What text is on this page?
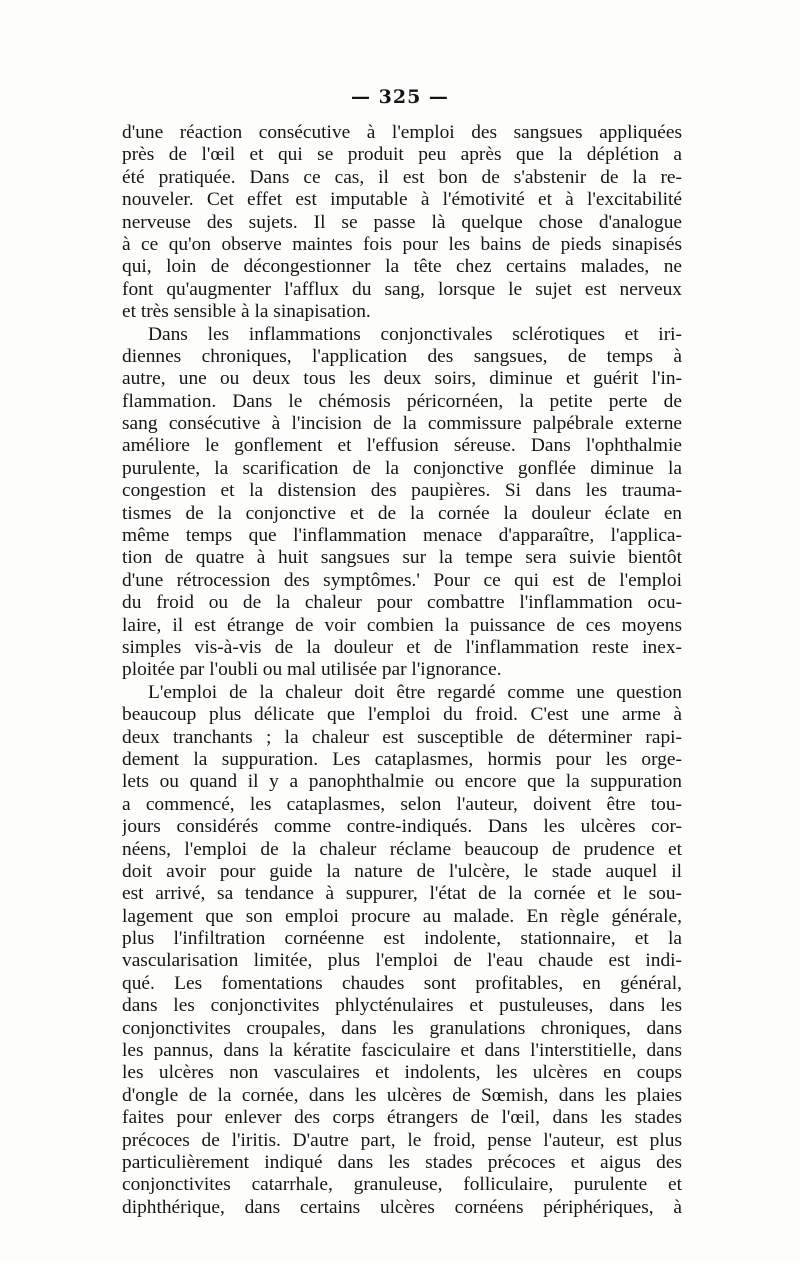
— 325 —
d'une réaction consécutive à l'emploi des sangsues appliquées
près de l'œil et qui se produit peu après que la déplétion a
été pratiquée. Dans ce cas, il est bon de s'abstenir de la re-
nouveler. Cet effet est imputable à l'émotivité et à l'excitabilité
nerveuse des sujets. Il se passe là quelque chose d'analogue
à ce qu'on observe maintes fois pour les bains de pieds sinapisés
qui, loin de décongestionner la tête chez certains malades, ne
font qu'augmenter l'afflux du sang, lorsque le sujet est nerveux
et très sensible à la sinapisation.
Dans les inflammations conjonctivales sclérotiques et iri-
diennes chroniques, l'application des sangsues, de temps à
autre, une ou deux tous les deux soirs, diminue et guérit l'in-
flammation. Dans le chémosis péricornéen, la petite perte de
sang consécutive à l'incision de la commissure palpébrale externe
améliore le gonflement et l'effusion séreuse. Dans l'ophthalmie
purulente, la scarification de la conjonctive gonflée diminue la
congestion et la distension des paupières. Si dans les trauma-
tismes de la conjonctive et de la cornée la douleur éclate en
même temps que l'inflammation menace d'apparaître, l'applica-
tion de quatre à huit sangsues sur la tempe sera suivie bientôt
d'une rétrocession des symptômes.' Pour ce qui est de l'emploi
du froid ou de la chaleur pour combattre l'inflammation ocu-
laire, il est étrange de voir combien la puissance de ces moyens
simples vis-à-vis de la douleur et de l'inflammation reste inex-
ploitée par l'oubli ou mal utilisée par l'ignorance.
L'emploi de la chaleur doit être regardé comme une question
beaucoup plus délicate que l'emploi du froid. C'est une arme à
deux tranchants ; la chaleur est susceptible de déterminer rapi-
dement la suppuration. Les cataplasmes, hormis pour les orge-
lets ou quand il y a panophthalmie ou encore que la suppuration
a commencé, les cataplasmes, selon l'auteur, doivent être tou-
jours considérés comme contre-indiqués. Dans les ulcères cor-
néens, l'emploi de la chaleur réclame beaucoup de prudence et
doit avoir pour guide la nature de l'ulcère, le stade auquel il
est arrivé, sa tendance à suppurer, l'état de la cornée et le sou-
lagement que son emploi procure au malade. En règle générale,
plus l'infiltration cornéenne est indolente, stationnaire, et la
vascularisation limitée, plus l'emploi de l'eau chaude est indi-
qué. Les fomentations chaudes sont profitables, en général,
dans les conjonctivites phlycténulaires et pustuleuses, dans les
conjonctivites croupales, dans les granulations chroniques, dans
les pannus, dans la kératite fasciculaire et dans l'interstitielle, dans
les ulcères non vasculaires et indolents, les ulcères en coups
d'ongle de la cornée, dans les ulcères de Sœmish, dans les plaies
faites pour enlever des corps étrangers de l'œil, dans les stades
précoces de l'iritis. D'autre part, le froid, pense l'auteur, est plus
particulièrement indiqué dans les stades précoces et aigus des
conjonctivites catarrhale, granuleuse, folliculaire, purulente et
diphthérique, dans certains ulcères cornéens périphériques, à
